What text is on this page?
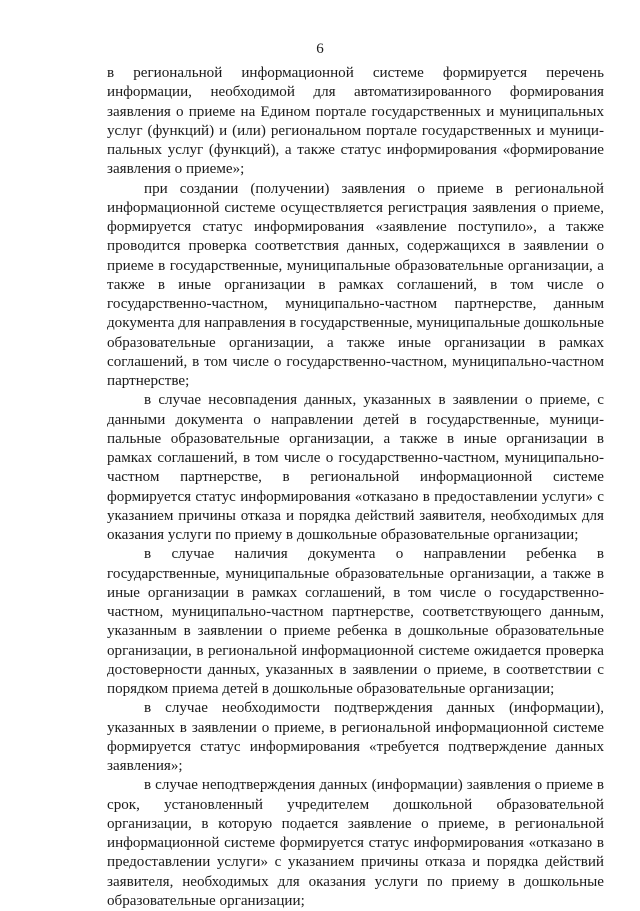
6

в региональной информационной системе формируется перечень информации, необходимой для автоматизированного формирования заявления о приеме на Едином портале государственных и муниципальных услуг (функций) и (или) региональном портале государственных и муниципальных услуг (функций), а также статус информирования «формирование заявления о приеме»;

при создании (получении) заявления о приеме в региональной информационной системе осуществляется регистрация заявления о приеме, формируется статус информирования «заявление поступило», а также проводится проверка соответствия данных, содержащихся в заявлении о приеме в государственные, муниципальные образовательные организации, а также в иные организации в рамках соглашений, в том числе о государственно-частном, муниципально-частном партнерстве, данным документа для направления в государственные, муниципальные дошкольные образовательные организации, а также иные организации в рамках соглашений, в том числе о государственно-частном, муниципально-частном партнерстве;

в случае несовпадения данных, указанных в заявлении о приеме, с данными документа о направлении детей в государственные, муниципальные образовательные организации, а также в иные организации в рамках соглашений, в том числе о государственно-частном, муниципально-частном партнерстве, в региональной информационной системе формируется статус информирования «отказано в предоставлении услуги» с указанием причины отказа и порядка действий заявителя, необходимых для оказания услуги по приему в дошкольные образовательные организации;

в случае наличия документа о направлении ребенка в государственные, муниципальные образовательные организации, а также в иные организации в рамках соглашений, в том числе о государственно-частном, муниципально-частном партнерстве, соответствующего данным, указанным в заявлении о приеме ребенка в дошкольные образовательные организации, в региональной информационной системе ожидается проверка достоверности данных, указанных в заявлении о приеме, в соответствии с порядком приема детей в дошкольные образовательные организации;

в случае необходимости подтверждения данных (информации), указанных в заявлении о приеме, в региональной информационной системе формируется статус информирования «требуется подтверждение данных заявления»;

в случае неподтверждения данных (информации) заявления о приеме в срок, установленный учредителем дошкольной образовательной организации, в которую подается заявление о приеме, в региональной информационной системе формируется статус информирования «отказано в предоставлении услуги» с указанием причины отказа и порядка действий заявителя, необходимых для оказания услуги по приему в дошкольные образовательные организации;
